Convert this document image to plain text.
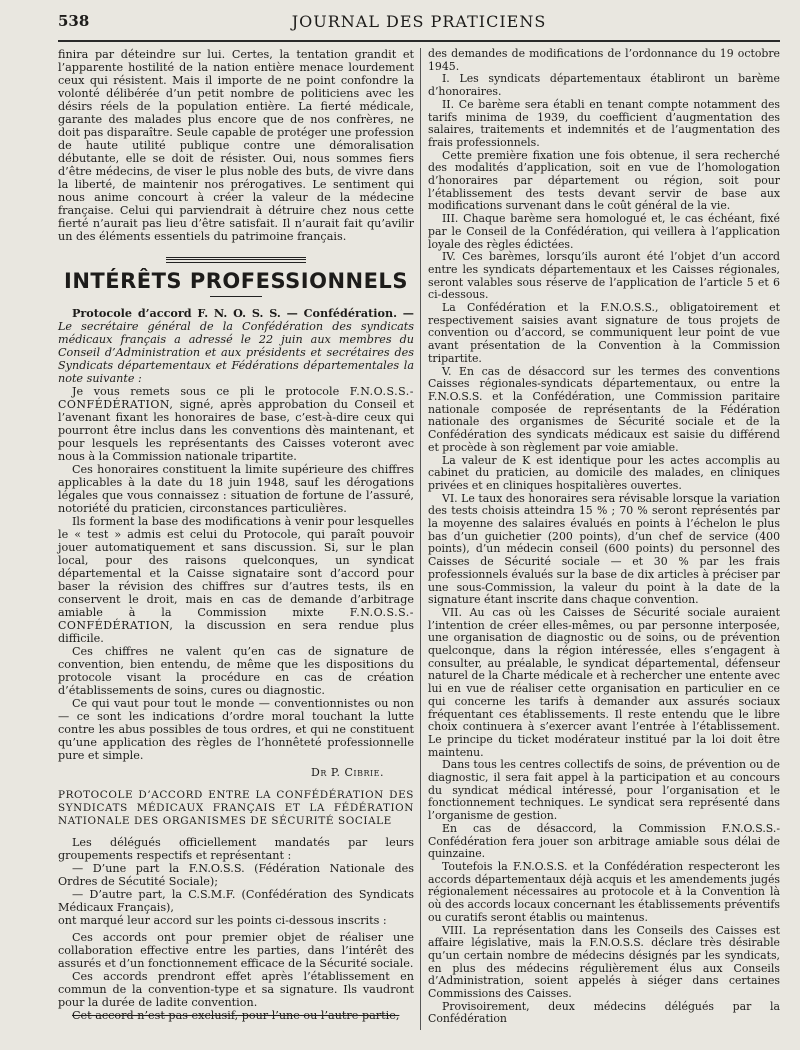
538	JOURNAL DES PRATICIENS

finira par déteindre sur lui. Certes, la tentation grandit et l’apparente hostilité de la nation entière menace lourdement ceux qui résistent. Mais il importe de ne point confondre la volonté délibérée d’un petit nombre de politiciens avec les désirs réels de la population entière. La fierté médicale, garante des malades plus encore que de nos confrères, ne doit pas disparaître. Seule capable de protéger une profession de haute utilité publique contre une démoralisation débutante, elle se doit de résister. Oui, nous sommes fiers d’être médecins, de viser le plus noble des buts, de vivre dans la liberté, de maintenir nos prérogatives. Le sentiment qui nous anime concourt à créer la valeur de la médecine française. Celui qui parviendrait à détruire chez nous cette fierté n’aurait pas lieu d’être satisfait. Il n’aurait fait qu’avilir un des éléments essentiels du patrimoine français.

INTÉRÊTS PROFESSIONNELS

Protocole d’accord F. N. O. S. S. — Confédération. — Le secrétaire général de la Confédération des syndicats médicaux français a adressé le 22 juin aux membres du Conseil d’Administration et aux présidents et secrétaires des Syndicats départementaux et Fédérations départementales la note suivante :

Je vous remets sous ce pli le protocole F.N.O.S.S.-CONFÉDÉRATION, signé, après approbation du Conseil et l’avenant fixant les honoraires de base, c’est-à-dire ceux qui pourront être inclus dans les conventions dès maintenant, et pour lesquels les représentants des Caisses voteront avec nous à la Commission nationale tripartite.

Ces honoraires constituent la limite supérieure des chiffres applicables à la date du 18 juin 1948, sauf les dérogations légales que vous connaissez : situation de fortune de l’assuré, notoriété du praticien, circonstances particulières.

Ils forment la base des modifications à venir pour lesquelles le « test » admis est celui du Protocole, qui paraît pouvoir jouer automatiquement et sans discussion. Si, sur le plan local, pour des raisons quelconques, un syndicat départemental et la Caisse signataire sont d’accord pour baser la révision des chiffres sur d’autres tests, ils en conservent le droit, mais en cas de demande d’arbitrage amiable à la Commission mixte F.N.O.S.S.-CONFÉDÉRATION, la discussion en sera rendue plus difficile.

Ces chiffres ne valent qu’en cas de signature de convention, bien entendu, de même que les dispositions du protocole visant la procédure en cas de création d’établissements de soins, cures ou diagnostic.

Ce qui vaut pour tout le monde — conventionnistes ou non — ce sont les indications d’ordre moral touchant la lutte contre les abus possibles de tous ordres, et qui ne constituent qu’une application des règles de l’honnêteté professionnelle pure et simple.

Dr P. Cibrie.

PROTOCOLE D’ACCORD ENTRE LA CONFÉDÉRATION DES SYNDICATS MÉDICAUX FRANÇAIS ET LA FÉDÉRATION NATIONALE DES ORGANISMES DE SÉCURITÉ SOCIALE

Les délégués officiellement mandatés par leurs groupements respectifs et représentant :

— D’une part la F.N.O.S.S. (Fédération Nationale des Ordres de Sécutité Sociale);

— D’autre part, la C.S.M.F. (Confédération des Syndicats Médicaux Français),

ont marqué leur accord sur les points ci-dessous inscrits :

Ces accords ont pour premier objet de réaliser une collaboration effective entre les parties, dans l’intérêt des assurés et d’un fonctionnement efficace de la Sécurité sociale.

Ces accords prendront effet après l’établissement en commun de la convention-type et sa signature. Ils vaudront pour la durée de ladite convention.

Cet accord n’est pas exclusif, pour l’une ou l’autre partie,

des demandes de modifications de l’ordonnance du 19 octobre 1945.

I. Les syndicats départementaux établiront un barème d’honoraires.

II. Ce barème sera établi en tenant compte notamment des tarifs minima de 1939, du coefficient d’augmentation des salaires, traitements et indemnités et de l’augmentation des frais professionnels.

Cette première fixation une fois obtenue, il sera recherché des modalités d’application, soit en vue de l’homologation d’honoraires par département ou région, soit pour l’établissement des tests devant servir de base aux modifications survenant dans le coût général de la vie.

III. Chaque barème sera homologué et, le cas échéant, fixé par le Conseil de la Confédération, qui veillera à l’application loyale des règles édictées.

IV. Ces barèmes, lorsqu’ils auront été l’objet d’un accord entre les syndicats départementaux et les Caisses régionales, seront valables sous réserve de l’application de l’article 5 et 6 ci-dessous.

La Confédération et la F.N.O.S.S., obligatoirement et respectivement saisies avant signature de tous projets de convention ou d’accord, se communiquent leur point de vue avant présentation de la Convention à la Commission tripartite.

V. En cas de désaccord sur les termes des conventions Caisses régionales-syndicats départementaux, ou entre la F.N.O.S.S. et la Confédération, une Commission paritaire nationale composée de représentants de la Fédération nationale des organismes de Sécurité sociale et de la Confédération des syndicats médicaux est saisie du différend et procède à son règlement par voie amiable.

La valeur de K est identique pour les actes accomplis au cabinet du praticien, au domicile des malades, en cliniques privées et en cliniques hospitalières ouvertes.

VI. Le taux des honoraires sera révisable lorsque la variation des tests choisis atteindra 15 % ; 70 % seront représentés par la moyenne des salaires évalués en points à l’échelon le plus bas d’un guichetier (200 points), d’un chef de service (400 points), d’un médecin conseil (600 points) du personnel des Caisses de Sécurité sociale — et 30 % par les frais professionnels évalués sur la base de dix articles à préciser par une sous-Commission, la valeur du point à la date de la signature étant inscrite dans chaque convention.

VII. Au cas où les Caisses de Sécurité sociale auraient l’intention de créer elles-mêmes, ou par personne interposée, une organisation de diagnostic ou de soins, ou de prévention quelconque, dans la région intéressée, elles s’engagent à consulter, au préalable, le syndicat départemental, défenseur naturel de la Charte médicale et à rechercher une entente avec lui en vue de réaliser cette organisation en particulier en ce qui concerne les tarifs à demander aux assurés sociaux fréquentant ces établissements. Il reste entendu que le libre choix continuera à s’exercer avant l’entrée à l’établissement. Le principe du ticket modérateur institué par la loi doit être maintenu.

Dans tous les centres collectifs de soins, de prévention ou de diagnostic, il sera fait appel à la participation et au concours du syndicat médical intéressé, pour l’organisation et le fonctionnement techniques. Le syndicat sera représenté dans l’organisme de gestion.

En cas de désaccord, la Commission F.N.O.S.S.-Confédération fera jouer son arbitrage amiable sous délai de quinzaine.

Toutefois la F.N.O.S.S. et la Confédération respecteront les accords départementaux déjà acquis et les amendements jugés régionalement nécessaires au protocole et à la Convention là où des accords locaux concernant les établissements préventifs ou curatifs seront établis ou maintenus.

VIII. La représentation dans les Conseils des Caisses est affaire législative, mais la F.N.O.S.S. déclare très désirable qu’un certain nombre de médecins désignés par les syndicats, en plus des médecins régulièrement élus aux Conseils d’Administration, soient appelés à siéger dans certaines Commissions des Caisses.

Provisoirement, deux médecins délégués par la Confédération
